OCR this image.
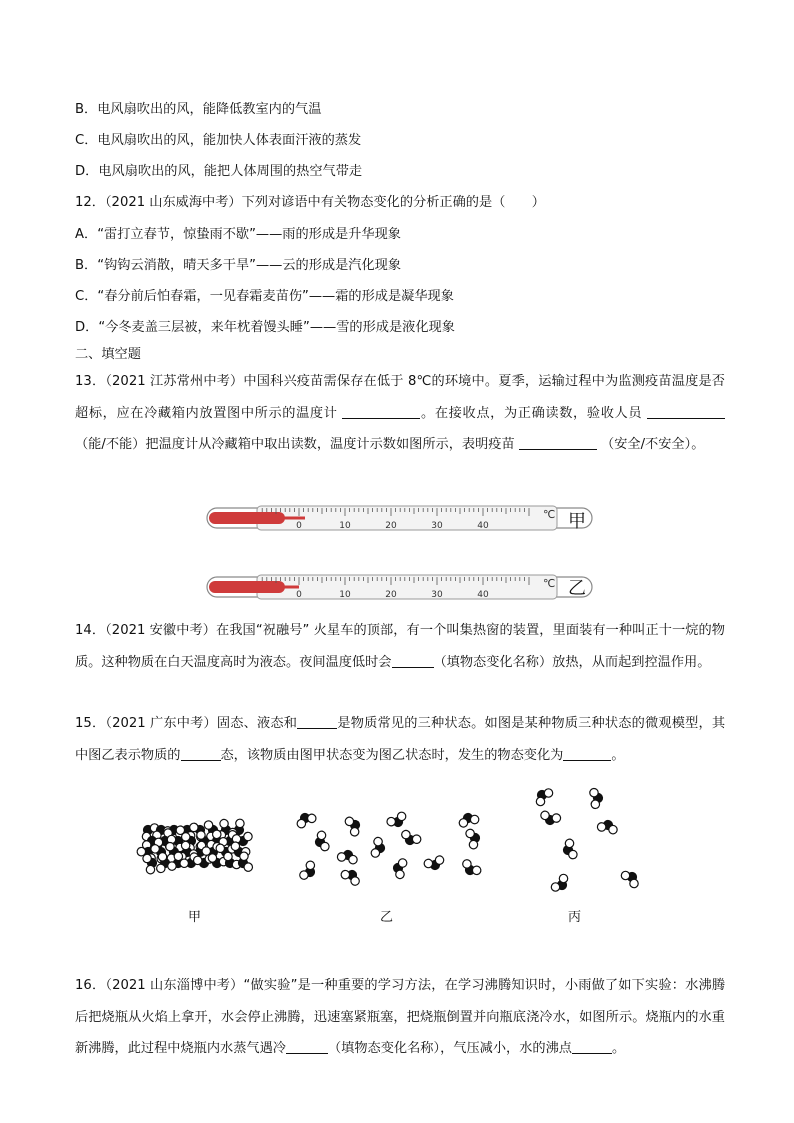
B．电风扇吹出的风，能降低教室内的气温
C．电风扇吹出的风，能加快人体表面汗液的蒸发
D．电风扇吹出的风，能把人体周围的热空气带走
12．（2021 山东威海中考）下列对谚语中有关物态变化的分析正确的是（　　）
A．“雷打立春节，惊蛰雨不歇”——雨的形成是升华现象
B．“钩钩云消散，晴天多干旱”——云的形成是汽化现象
C．“春分前后怕春霜，一见春霜麦苗伤”——霜的形成是凝华现象
D．“今冬麦盖三层被，来年枕着馒头睡”——雪的形成是液化现象
二、填空题
13．（2021 江苏常州中考）中国科兴疫苗需保存在低于 8℃的环境中。夏季，运输过程中为监测疫苗温度是否超标，应在冷藏箱内放置图中所示的温度计	。在接收点，为正确读数，验收人员  （能/不能）把温度计从冷藏箱中取出读数，温度计示数如图所示，表明疫苗	（安全/不安全）。
0	10	20	30	40
℃ 甲
0	10	20	30	40
℃ 乙
14．（2021 安徽中考）在我国“祝融号” 火星车的顶部，有一个叫集热窗的装置，里面装有一种叫正十一烷的物质。这种物质在白天温度高时为液态。夜间温度低时会	（填物态变化名称）放热，从而起到控温作用。
15．（2021 广东中考）固态、液态和	是物质常见的三种状态。如图是某种物质三种状态的微观模型，其中图乙表示物质的	态，该物质由图甲状态变为图乙状态时，发生的物态变化为	。
甲	乙	丙
16．（2021 山东淄博中考）“做实验”是一种重要的学习方法，在学习沸腾知识时，小雨做了如下实验：水沸腾后把烧瓶从火焰上拿开，水会停止沸腾，迅速塞紧瓶塞，把烧瓶倒置并向瓶底浇冷水，如图所示。烧瓶内的水重新沸腾，此过程中烧瓶内水蒸气遇冷	（填物态变化名称），气压减小，水的沸点	。
